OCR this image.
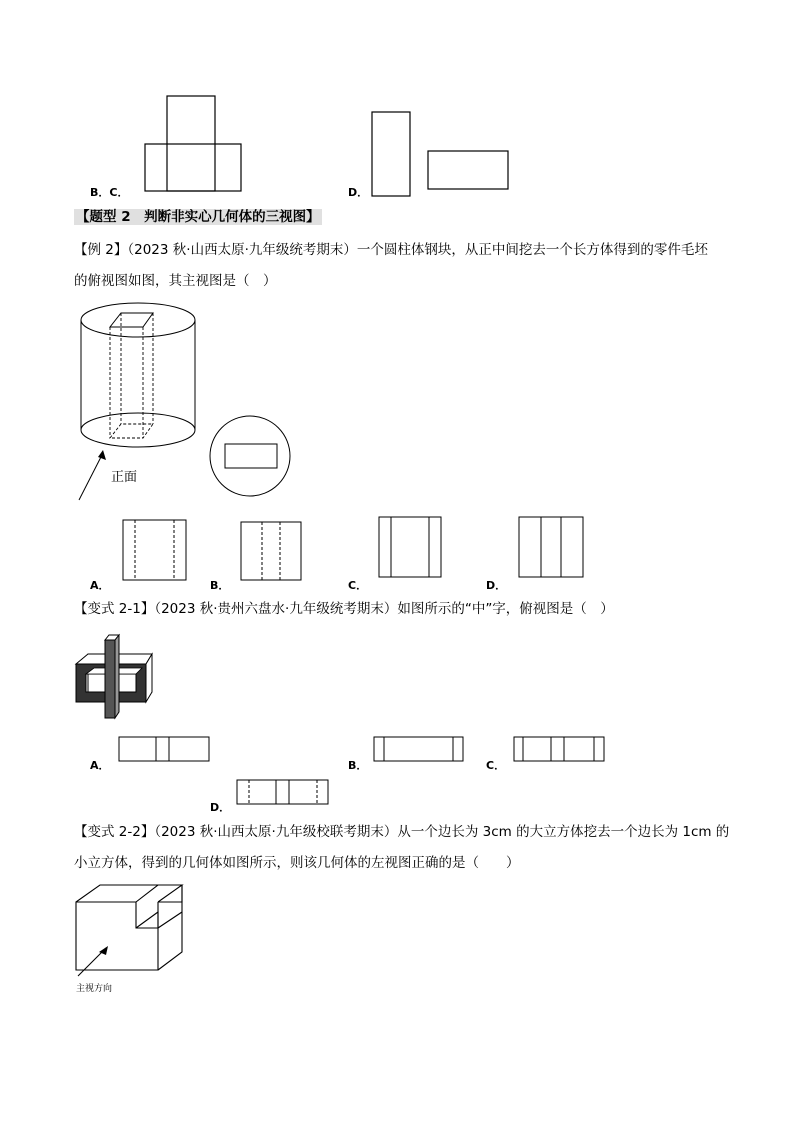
B．C．	D．
【题型 2　判断非实心几何体的三视图】
【例 2】（2023 秋·山西太原·九年级统考期末）一个圆柱体钢块，从正中间挖去一个长方体得到的零件毛坯
的俯视图如图，其主视图是（　）
正面
A．	B．	C．	D．
【变式 2-1】（2023 秋·贵州六盘水·九年级统考期末）如图所示的“中”字，俯视图是（　）
A．	B．	C．
D．
【变式 2-2】（2023 秋·山西太原·九年级校联考期末）从一个边长为 3cm 的大立方体挖去一个边长为 1cm 的
小立方体，得到的几何体如图所示，则该几何体的左视图正确的是（　　）
主视方向
